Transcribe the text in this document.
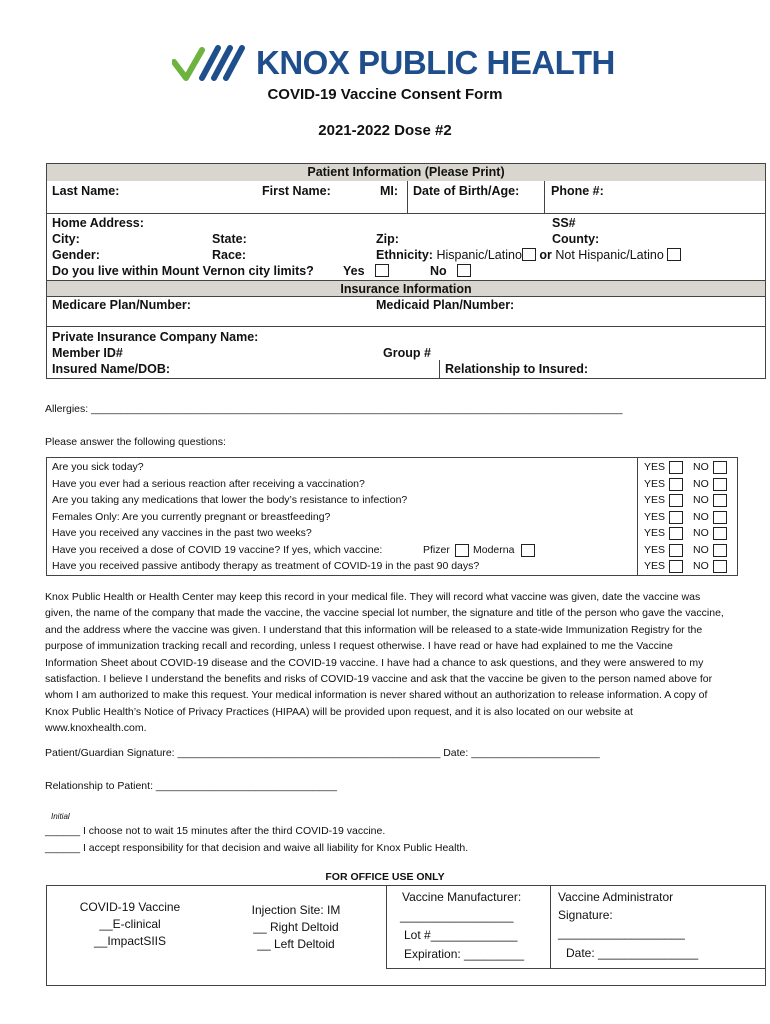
KNOX PUBLIC HEALTH
COVID-19 Vaccine Consent Form
2021-2022 Dose #2
Patient Information (Please Print)
Last Name:	First Name:	MI: Date of Birth/Age:	Phone #:
Home Address:	SS#
City:	State:	Zip:	County:
Gender:	Race:	Ethnicity: Hispanic/Latino or Not Hispanic/Latino
Do you live within Mount Vernon city limits? Yes	No
Insurance Information
Medicare Plan/Number:	Medicaid Plan/Number:
Private Insurance Company Name:
Member ID#	Group #
Insured Name/DOB:	Relationship to Insured:
Allergies: ___________________________________________________________________________________________
Please answer the following questions:
Are you sick today?	YES	NO
Have you ever had a serious reaction after receiving a vaccination?	YES	NO
Are you taking any medications that lower the body’s resistance to infection?	YES	NO
Females Only: Are you currently pregnant or breastfeeding?	YES	NO
Have you received any vaccines in the past two weeks?	YES	NO
Have you received a dose of COVID 19 vaccine? If yes, which vaccine:	Pfizer Moderna	YES	NO
Have you received passive antibody therapy as treatment of COVID-19 in the past 90 days?	YES	NO
Knox Public Health or Health Center may keep this record in your medical file. They will record what vaccine was given, date the vaccine was given, the name of the company that made the vaccine, the vaccine special lot number, the signature and title of the person who gave the vaccine, and the address where the vaccine was given. I understand that this information will be released to a state-wide Immunization Registry for the purpose of immunization tracking recall and recording, unless I request otherwise. I have read or have had explained to me the Vaccine Information Sheet about COVID-19 disease and the COVID-19 vaccine. I have had a chance to ask questions, and they were answered to my satisfaction. I believe I understand the benefits and risks of COVID-19 vaccine and ask that the vaccine be given to the person named above for whom I am authorized to make this request. Your medical information is never shared without an authorization to release information. A copy of Knox Public Health’s Notice of Privacy Practices (HIPAA) will be provided upon request, and it is also located on our website at www.knoxhealth.com.
Patient/Guardian Signature: _____________________________________________ Date: ______________________
Relationship to Patient: _______________________________
Initial
______ I choose not to wait 15 minutes after the third COVID-19 vaccine.
______ I accept responsibility for that decision and waive all liability for Knox Public Health.
FOR OFFICE USE ONLY
COVID-19 Vaccine
__E-clinical
__ImpactSIIS
Injection Site: IM
__ Right Deltoid
__ Left Deltoid
Vaccine Manufacturer:
_________________
Lot #_____________
Expiration: _________
Vaccine Administrator
Signature:
___________________
Date: _______________
